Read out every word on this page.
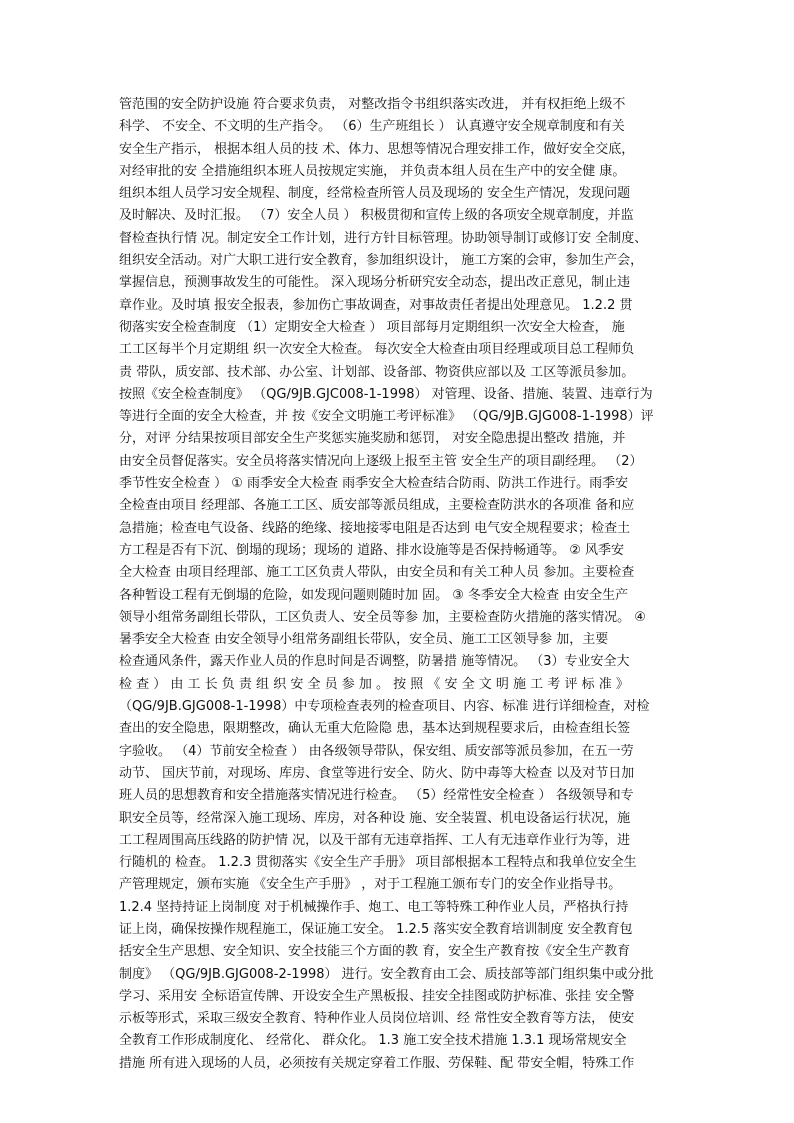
管范围的安全防护设施 符合要求负责， 对整改指令书组织落实改进， 并有权拒绝上级不
科学、 不安全、不文明的生产指令。 （6）生产班组长 ） 认真遵守安全规章制度和有关
安全生产指示， 根据本组人员的技 术、体力、思想等情况合理安排工作，做好安全交底，
对经审批的安 全措施组织本班人员按规定实施， 并负责本组人员在生产中的安全健 康。
组织本组人员学习安全规程、制度，经常检查所管人员及现场的 安全生产情况，发现问题
及时解决、及时汇报。 （7）安全人员 ） 积极贯彻和宣传上级的各项安全规章制度，并监
督检查执行情 况。制定安全工作计划，进行方针目标管理。协助领导制订或修订安 全制度、
组织安全活动。对广大职工进行安全教育，参加组织设计， 施工方案的会审，参加生产会，
掌握信息，预测事故发生的可能性。 深入现场分析研究安全动态，提出改正意见，制止违
章作业。及时填 报安全报表，参加伤亡事故调查，对事故责任者提出处理意见。 1.2.2 贯
彻落实安全检查制度 （1）定期安全大检查 ） 项目部每月定期组织一次安全大检查， 施
工工区每半个月定期组 织一次安全大检查。 每次安全大检查由项目经理或项目总工程师负
责 带队，质安部、技术部、办公室、计划部、设备部、物资供应部以及 工区等派员参加。
按照《安全检查制度》 （QG/9JB.GJC008-1-1998） 对管理、设备、措施、装置、违章行为
等进行全面的安全大检查，并 按《安全文明施工考评标准》 （QG/9JB.GJG008-1-1998）评
分，对评 分结果按项目部安全生产奖惩实施奖励和惩罚， 对安全隐患提出整改 措施，并
由安全员督促落实。安全员将落实情况向上逐级上报至主管 安全生产的项目副经理。 （2）
季节性安全检查 ） ① 雨季安全大检查 雨季安全大检查结合防雨、防洪工作进行。雨季安
全检查由项目 经理部、各施工工区、质安部等派员组成，主要检查防洪水的各项准 备和应
急措施；检查电气设备、线路的绝缘、接地接零电阻是否达到 电气安全规程要求；检查土
方工程是否有下沉、倒塌的现场；现场的 道路、排水设施等是否保持畅通等。 ② 风季安
全大检查 由项目经理部、施工工区负责人带队，由安全员和有关工种人员 参加。主要检查
各种暂设工程有无倒塌的危险，如发现问题则随时加 固。 ③ 冬季安全大检查 由安全生产
领导小组常务副组长带队，工区负责人、安全员等参 加，主要检查防火措施的落实情况。 ④
暑季安全大检查 由安全领导小组常务副组长带队，安全员、施工工区领导参 加，主要
检查通风条件，露天作业人员的作息时间是否调整，防暑措 施等情况。 （3）专业安全大
检 查 ） 由 工 长 负 责 组 织 安 全 员 参 加 。 按 照 《 安 全 文 明 施 工 考 评 标 准 》
（QG/9JB.GJG008-1-1998）中专项检查表列的检查项目、内容、标准 进行详细检查，对检
查出的安全隐患，限期整改，确认无重大危险隐 患，基本达到规程要求后，由检查组长签
字验收。 （4）节前安全检查 ） 由各级领导带队，保安组、质安部等派员参加，在五一劳
动节、 国庆节前，对现场、库房、食堂等进行安全、防火、防中毒等大检查 以及对节日加
班人员的思想教育和安全措施落实情况进行检查。 （5）经常性安全检查 ） 各级领导和专
职安全员等，经常深入施工现场、库房，对各种设 施、安全装置、机电设备运行状况，施
工工程周围高压线路的防护情 况，以及干部有无违章指挥、工人有无违章作业行为等，进
行随机的 检查。 1.2.3 贯彻落实《安全生产手册》 项目部根据本工程特点和我单位安全生
产管理规定，颁布实施 《安全生产手册》 ，对于工程施工颁布专门的安全作业指导书。
1.2.4 坚持持证上岗制度 对于机械操作手、炮工、电工等特殊工种作业人员，严格执行持
证上岗，确保按操作规程施工，保证施工安全。 1.2.5 落实安全教育培训制度 安全教育包
括安全生产思想、安全知识、安全技能三个方面的教 育，安全生产教育按《安全生产教育
制度》 （QG/9JB.GJG008-2-1998） 进行。安全教育由工会、质技部等部门组织集中或分批
学习、采用安 全标语宣传牌、开设安全生产黑板报、挂安全挂图或防护标准、张挂 安全警
示板等形式，采取三级安全教育、特种作业人员岗位培训、经 常性安全教育等方法， 使安
全教育工作形成制度化、 经常化、 群众化。 1.3 施工安全技术措施 1.3.1 现场常规安全
措施 所有进入现场的人员，必须按有关规定穿着工作服、劳保鞋、配 带安全帽，特殊工作
